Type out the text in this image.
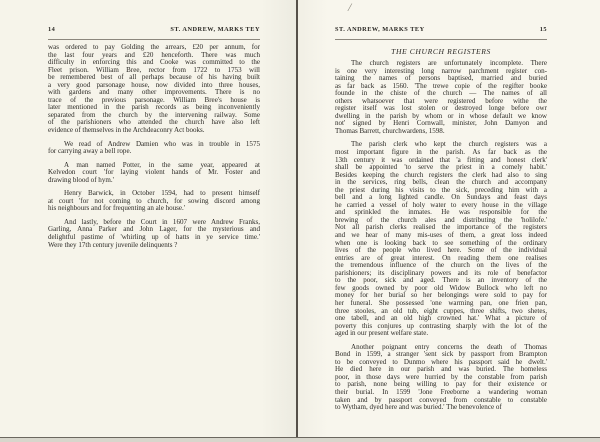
14	ST. ANDREW, MARKS TEY
was ordered to pay Golding the arrears, £20 per annum, for
the last four years and £20 henceforth. There was much
difficulty in enforcing this and Cooke was committed to the
Fleet prison. William Bree, rector from 1722 to 1753 will
be remembered best of all perhaps because of his having built
a very good parsonage house, now divided into three houses,
with gardens and many other improvements. There is no
trace of the previous parsonage. William Bree's house is
later mentioned in the parish records as being inconveniently
separated from the church by the intervening railway. Some
of the parishioners who attended the church have also left
evidence of themselves in the Archdeaconry Act books.
We read of Andrew Damien who was in trouble in 1575
for carrying away a bell rope.
A man named Potter, in the same year, appeared at
Kelvedon court 'for laying violent hands of Mr. Foster and
drawing blood of hym.'
Henry Barwick, in October 1594, had to present himself
at court 'for not coming to church, for sowing discord among
his neighbours and for frequenting an ale house.'
And lastly, before the Court in 1607 were Andrew Franks,
Garling, Anna Parker and John Lager, for the mysterious and
delightful pastime of 'whirling up of hatts in ye service time.'
Were they 17th century juvenile delinquents ?
/
ST. ANDREW, MARKS TEY	15
THE CHURCH REGISTERS
The church registers are unfortunately incomplete. There
is one very interesting long narrow parchment register con-
taining the names of persons baptised, married and buried
as far back as 1560. 'The trewe copie of the regifter booke
founde in the chiste of the church — The names of all
others whatsoever that were registered before withe the
register itself was lost stolen or destroyed longe before owr
dwelling in the parish by whom or in whose default we know
not' signed by Henri Cornwall, minister, John Damyon and
Thomas Barrett, churchwardens, 1598.
The parish clerk who kept the church registers was a
most important figure in the parish. As far back as the
13th century it was ordained that 'a fitting and honest clerk'
shall be appointed 'to serve the priest in a comely habit.'
Besides keeping the church registers the clerk had also to sing
in the services, ring bells, clean the church and accompany
the priest during his visits to the sick, preceding him with a
bell and a long lighted candle. On Sundays and feast days
he carried a vessel of holy water to every house in the village
and sprinkled the inmates. He was responsible for the
brewing of the church ales and distributing the 'holilofe.'
Not all parish clerks realised the importance of the registers
and we hear of many mis-uses of them, a great loss indeed
when one is looking back to see something of the ordinary
lives of the people who lived here. Some of the individual
entries are of great interest. On reading them one realises
the tremendous influence of the church on the lives of the
parishioners; its disciplinary powers and its role of benefactor
to the poor, sick and aged. There is an inventory of the
few goods owned by poor old Widow Bullock who left no
money for her burial so her belongings were sold to pay for
her funeral. She possessed 'one warming pan, one frien pan,
three stooles, an old tub, eight cuppes, three shifts, two shetes,
one tabell, and an old high crowned hat.' What a picture of
poverty this conjures up contrasting sharply with the lot of the
aged in our present welfare state.
Another poignant entry concerns the death of Thomas
Bond in 1599, a stranger 'sent sick by passport from Brampton
to be conveyed to Dunmo where his passport said he dwelt.'
He died here in our parish and was buried. The homeless
poor, in those days were hurried by the constable from parish
to parish, none being willing to pay for their existence or
their burial. In 1599 'Jone Freeborne a wandering woman
taken and by passport conveyed from constable to constable
to Wytham, dyed here and was buried.' The benevolence of
